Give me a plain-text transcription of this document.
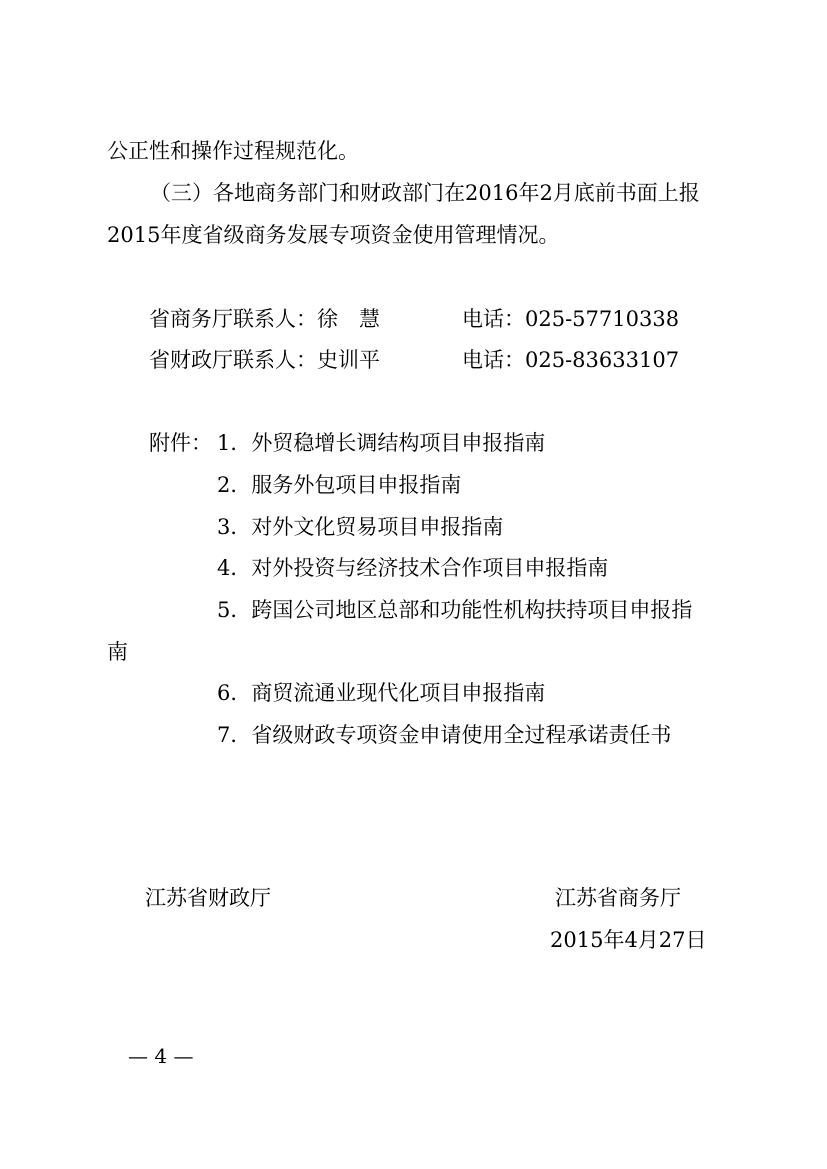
公正性和操作过程规范化。
（三）各地商务部门和财政部门在2016年2月底前书面上报
2015年度省级商务发展专项资金使用管理情况。
省商务厅联系人：徐　慧	电话：025-57710338
省财政厅联系人：史训平	电话：025-83633107
附件： 1．外贸稳增长调结构项目申报指南
2．服务外包项目申报指南
3．对外文化贸易项目申报指南
4．对外投资与经济技术合作项目申报指南
5．跨国公司地区总部和功能性机构扶持项目申报指
南
6．商贸流通业现代化项目申报指南
7．省级财政专项资金申请使用全过程承诺责任书
江苏省财政厅	江苏省商务厅
2015年4月27日
— 4 —
